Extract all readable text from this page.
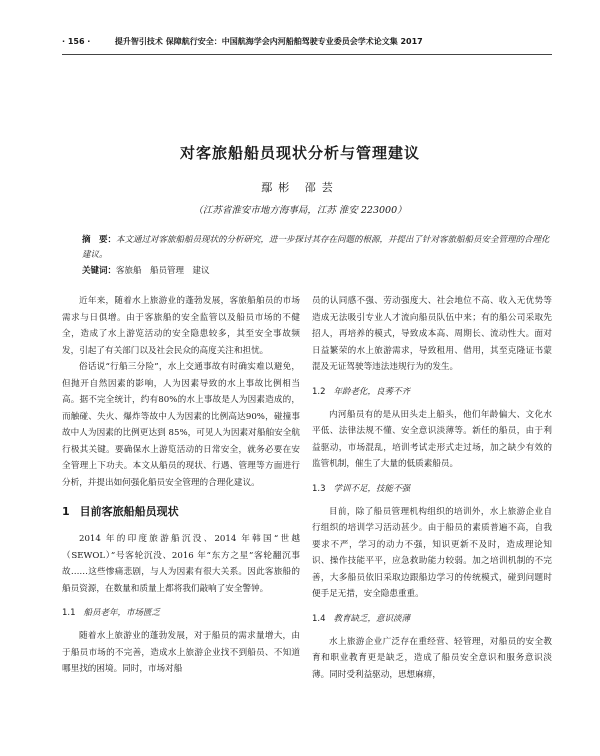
· 156 ·	提升智引技术 保障航行安全：中国航海学会内河船舶驾驶专业委员会学术论文集 2017
对客旅船船员现状分析与管理建议
鄢彬 邵芸
（江苏省淮安市地方海事局，江苏 淮安 223000）
摘　要：本文通过对客旅船船员现状的分析研究，进一步探讨其存在问题的根源，并提出了针对客旅船船员安全管理的合理化建议。
关键词：客旅船　船员管理　建议

近年来，随着水上旅游业的蓬勃发展，客旅船舶员的市场需求与日俱增。由于客旅船的安全监管以及船员市场的不健全，造成了水上游览活动的安全隐患较多，其至安全事故频发，引起了有关部门以及社会民众的高度关注和担忧。

俗话说“行船三分险”，水上交通事故有时确实难以避免，但抛开自然因素的影响，人为因素导致的水上事故比例相当高。据不完全统计，约有80%的水上事故是人为因素造成的，而触碰、失火、爆炸等故中人为因素的比例高达90%，碰撞事故中人为因素的比例更达到 85%，可见人为因素对船舶安全航行极其关键。要确保水上游览活动的日常安全，就务必要在安全管理上下功夫。本文从船员的现状、行遇、管理等方面进行分析，并提出如何强化船员安全管理的合理化建议。

1 目前客旅船船员现状

2014 年的印度旅游船沉没、2014 年韩国“世越（SEWOL）”号客轮沉没、2016 年“东方之星”客轮翻沉事故……这些惨痛悲剧，与人为因素有很大关系。因此客旅船的船员资源，在数量和质量上都将我们敲响了安全警钟。

1.1 船员老年，市场匮乏

随着水上旅游业的蓬勃发展，对于船员的需求量增大，由于船员市场的不完善，造成水上旅游企业找不到船员、不知道哪里找的困境。同时，市场对船

员的认同感不强、劳动强度大、社会地位不高、收入无优势等造成无法吸引专业人才流向船员队伍中来；有的船公司采取先招人，再培养的模式，导致成本高、周期长、流动性大。面对日益繁荣的水上旅游需求，导致租用、借用，其至克隆证书蒙混及无证驾驶等违法违规行为的发生。

1.2 年龄老化，良莠不齐

内河船员有的是从田头走上船头，他们年龄偏大、文化水平低、法律法规不懂、安全意识淡薄等。新任的船员，由于利益驱动，市场混乱，培训考试走形式走过场，加之缺少有效的监管机制，催生了大量的低质素船员。

1.3 学训不足，技能不强

目前，除了船员管理机构组织的培训外，水上旅游企业自行组织的培训学习活动甚少。由于船员的素质普遍不高，自我要求不严，学习的动力不强，知识更新不及时，造成理论知识、操作技能平平，应急救助能力较弱。加之培训机制的不完善，大多船员依旧采取边跟船边学习的传统模式，碰到问题时便手足无措，安全隐患重重。

1.4 教育缺乏，意识淡薄

水上旅游企业广泛存在重经营、轻管理，对船员的安全教育和职业教育更是缺乏，造成了船员安全意识和服务意识淡薄。同时受利益驱动，思想麻痹，
